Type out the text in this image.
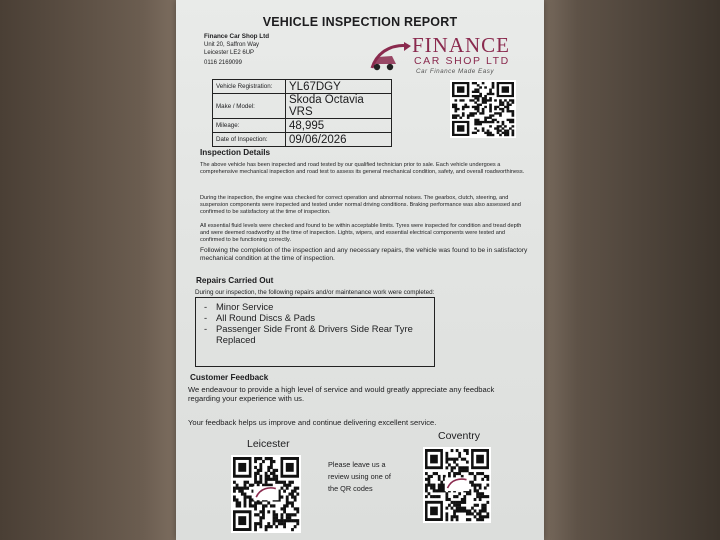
VEHICLE INSPECTION REPORT
Finance Car Shop Ltd
Unit 20, Saffron Way
Leicester LE2 6UP
0116 2169099
FINANCE
CAR SHOP LTD
Car Finance Made Easy
Vehicle Registration:	YL67DGY
Make / Model:	Skoda Octavia VRS
Mileage:	48,995
Date of Inspection:	09/06/2026
Inspection Details
The above vehicle has been inspected and road tested by our qualified technician prior to sale. Each vehicle undergoes a comprehensive mechanical inspection and road test to assess its general mechanical condition, safety, and overall roadworthiness.
During the inspection, the engine was checked for correct operation and abnormal noises. The gearbox, clutch, steering, and suspension components were inspected and tested under normal driving conditions. Braking performance was also assessed and confirmed to be satisfactory at the time of inspection.
All essential fluid levels were checked and found to be within acceptable limits. Tyres were inspected for condition and tread depth and were deemed roadworthy at the time of inspection. Lights, wipers, and essential electrical components were tested and confirmed to be functioning correctly.
Following the completion of the inspection and any necessary repairs, the vehicle was found to be in satisfactory mechanical condition at the time of inspection.
Repairs Carried Out
During our inspection, the following repairs and/or maintenance work were completed:
- Minor Service
- All Round Discs & Pads
- Passenger Side Front & Drivers Side Rear Tyre Replaced
Customer Feedback
We endeavour to provide a high level of service and would greatly appreciate any feedback regarding your experience with us.
Your feedback helps us improve and continue delivering excellent service.
Leicester
Coventry
Please leave us a review using one of the QR codes
